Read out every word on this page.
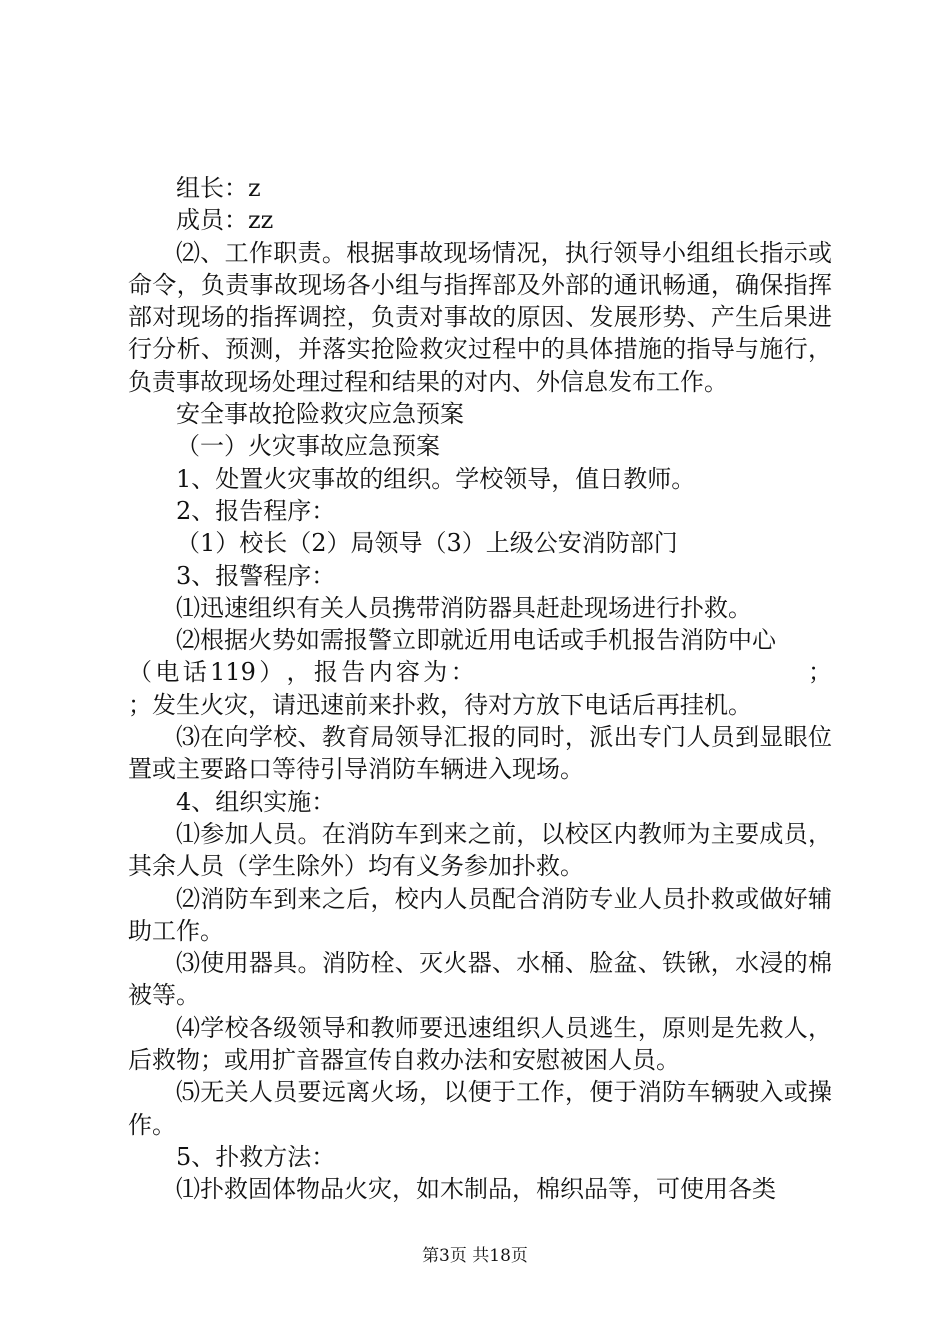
组长：z

成员：zz

⑵、工作职责。根据事故现场情况，执行领导小组组长指示或命令，负责事故现场各小组与指挥部及外部的通讯畅通，确保指挥部对现场的指挥调控，负责对事故的原因、发展形势、产生后果进行分析、预测，并落实抢险救灾过程中的具体措施的指导与施行，负责事故现场处理过程和结果的对内、外信息发布工作。

安全事故抢险救灾应急预案

（一）火灾事故应急预案

1、处置火灾事故的组织。学校领导，值日教师。

2、报告程序：

（1）校长（2）局领导（3）上级公安消防部门

3、报警程序：

⑴迅速组织有关人员携带消防器具赶赴现场进行扑救。

⑵根据火势如需报警立即就近用电话或手机报告消防中心

（ 电 话 119 ） ， 报 告 内 容 为 ：	；

；发生火灾，请迅速前来扑救，待对方放下电话后再挂机。

⑶在向学校、教育局领导汇报的同时，派出专门人员到显眼位置或主要路口等待引导消防车辆进入现场。

4、组织实施：

⑴参加人员。在消防车到来之前，以校区内教师为主要成员，其余人员（学生除外）均有义务参加扑救。

⑵消防车到来之后，校内人员配合消防专业人员扑救或做好辅助工作。

⑶使用器具。消防栓、灭火器、水桶、脸盆、铁锹，水浸的棉被等。

⑷学校各级领导和教师要迅速组织人员逃生，原则是先救人，后救物；或用扩音器宣传自救办法和安慰被困人员。

⑸无关人员要远离火场，以便于工作，便于消防车辆驶入或操作。

5、扑救方法：

⑴扑救固体物品火灾，如木制品，棉织品等，可使用各类

第3页 共18页
